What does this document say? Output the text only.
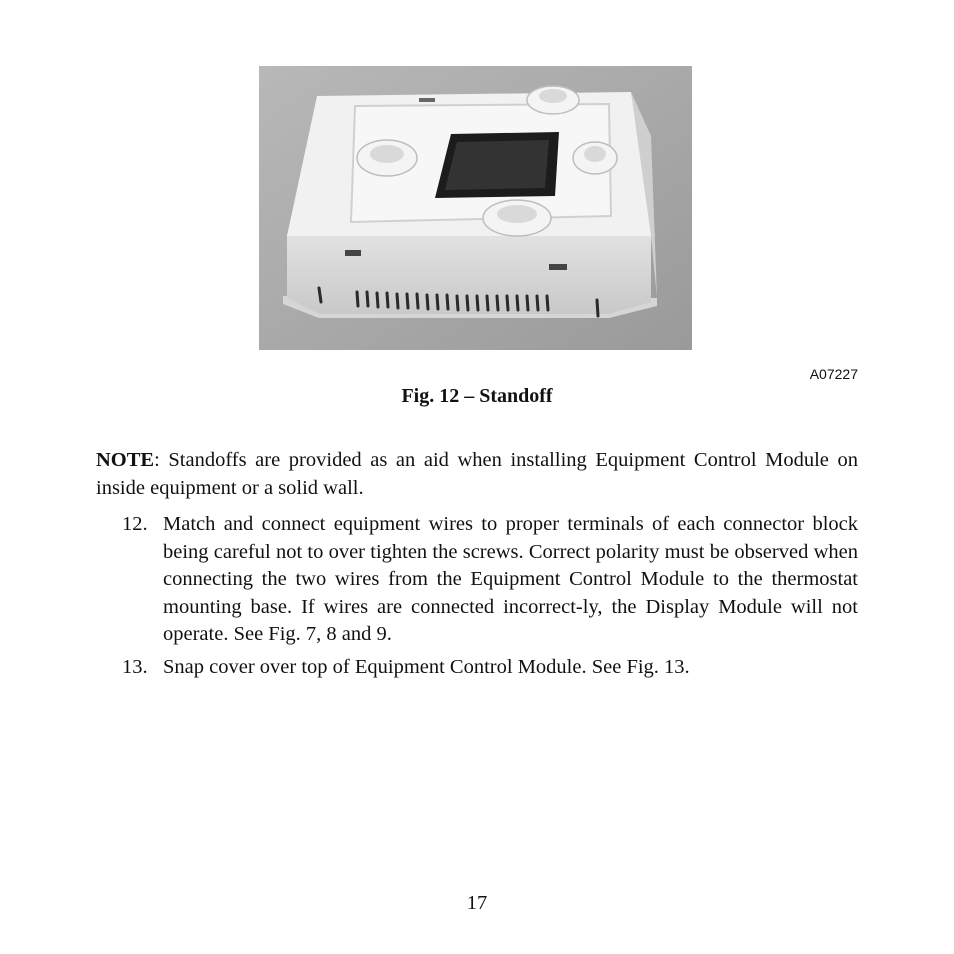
A07227
Fig. 12 – Standoff
NOTE: Standoffs are provided as an aid when installing Equipment Control Module on inside equipment or a solid wall.
12. Match and connect equipment wires to proper terminals of each connector block being careful not to over tighten the screws. Correct polarity must be observed when connecting the two wires from the Equipment Control Module to the thermostat mounting base. If wires are connected incorrect-ly, the Display Module will not operate. See Fig. 7, 8 and 9.
13. Snap cover over top of Equipment Control Module. See Fig. 13.
17
